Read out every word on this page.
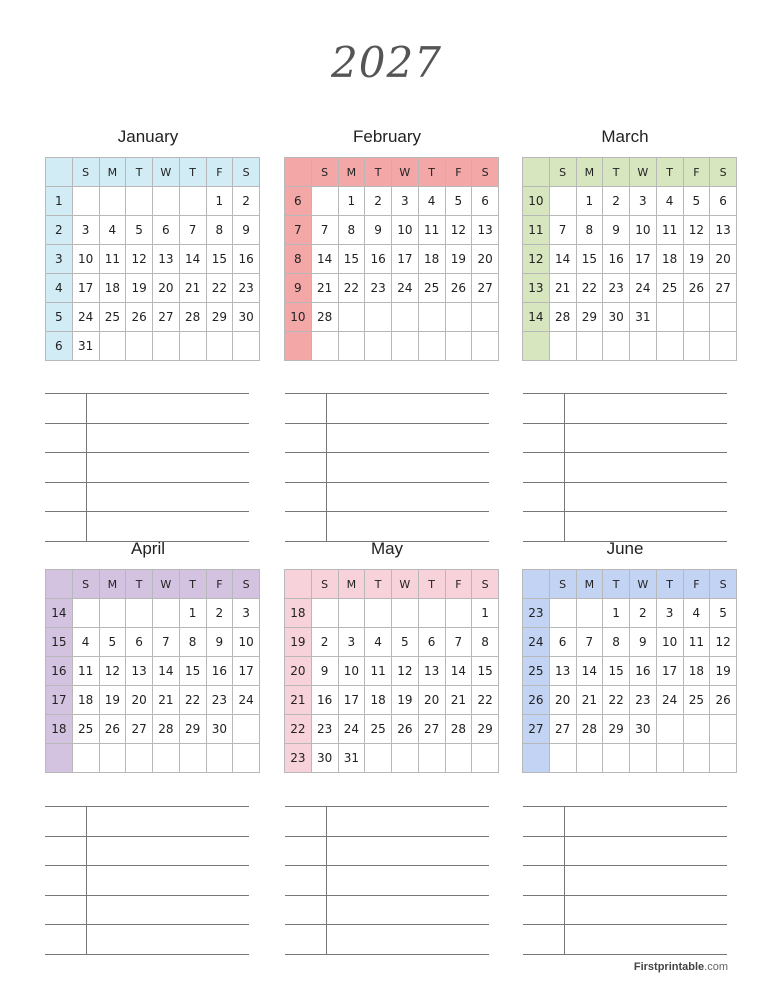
2027
January
	S	M	T	W	T	F	S
1						1	2
2	3	4	5	6	7	8	9
3	10	11	12	13	14	15	16
4	17	18	19	20	21	22	23
5	24	25	26	27	28	29	30
6	31						
February
	S	M	T	W	T	F	S
6		1	2	3	4	5	6
7	7	8	9	10	11	12	13
8	14	15	16	17	18	19	20
9	21	22	23	24	25	26	27
10	28						

March
	S	M	T	W	T	F	S
10		1	2	3	4	5	6
11	7	8	9	10	11	12	13
12	14	15	16	17	18	19	20
13	21	22	23	24	25	26	27
14	28	29	30	31			

April
	S	M	T	W	T	F	S
14					1	2	3
15	4	5	6	7	8	9	10
16	11	12	13	14	15	16	17
17	18	19	20	21	22	23	24
18	25	26	27	28	29	30	

May
	S	M	T	W	T	F	S
18							1
19	2	3	4	5	6	7	8
20	9	10	11	12	13	14	15
21	16	17	18	19	20	21	22
22	23	24	25	26	27	28	29
23	30	31					
June
	S	M	T	W	T	F	S
23			1	2	3	4	5
24	6	7	8	9	10	11	12
25	13	14	15	16	17	18	19
26	20	21	22	23	24	25	26
27	27	28	29	30			

Firstprintable.com
